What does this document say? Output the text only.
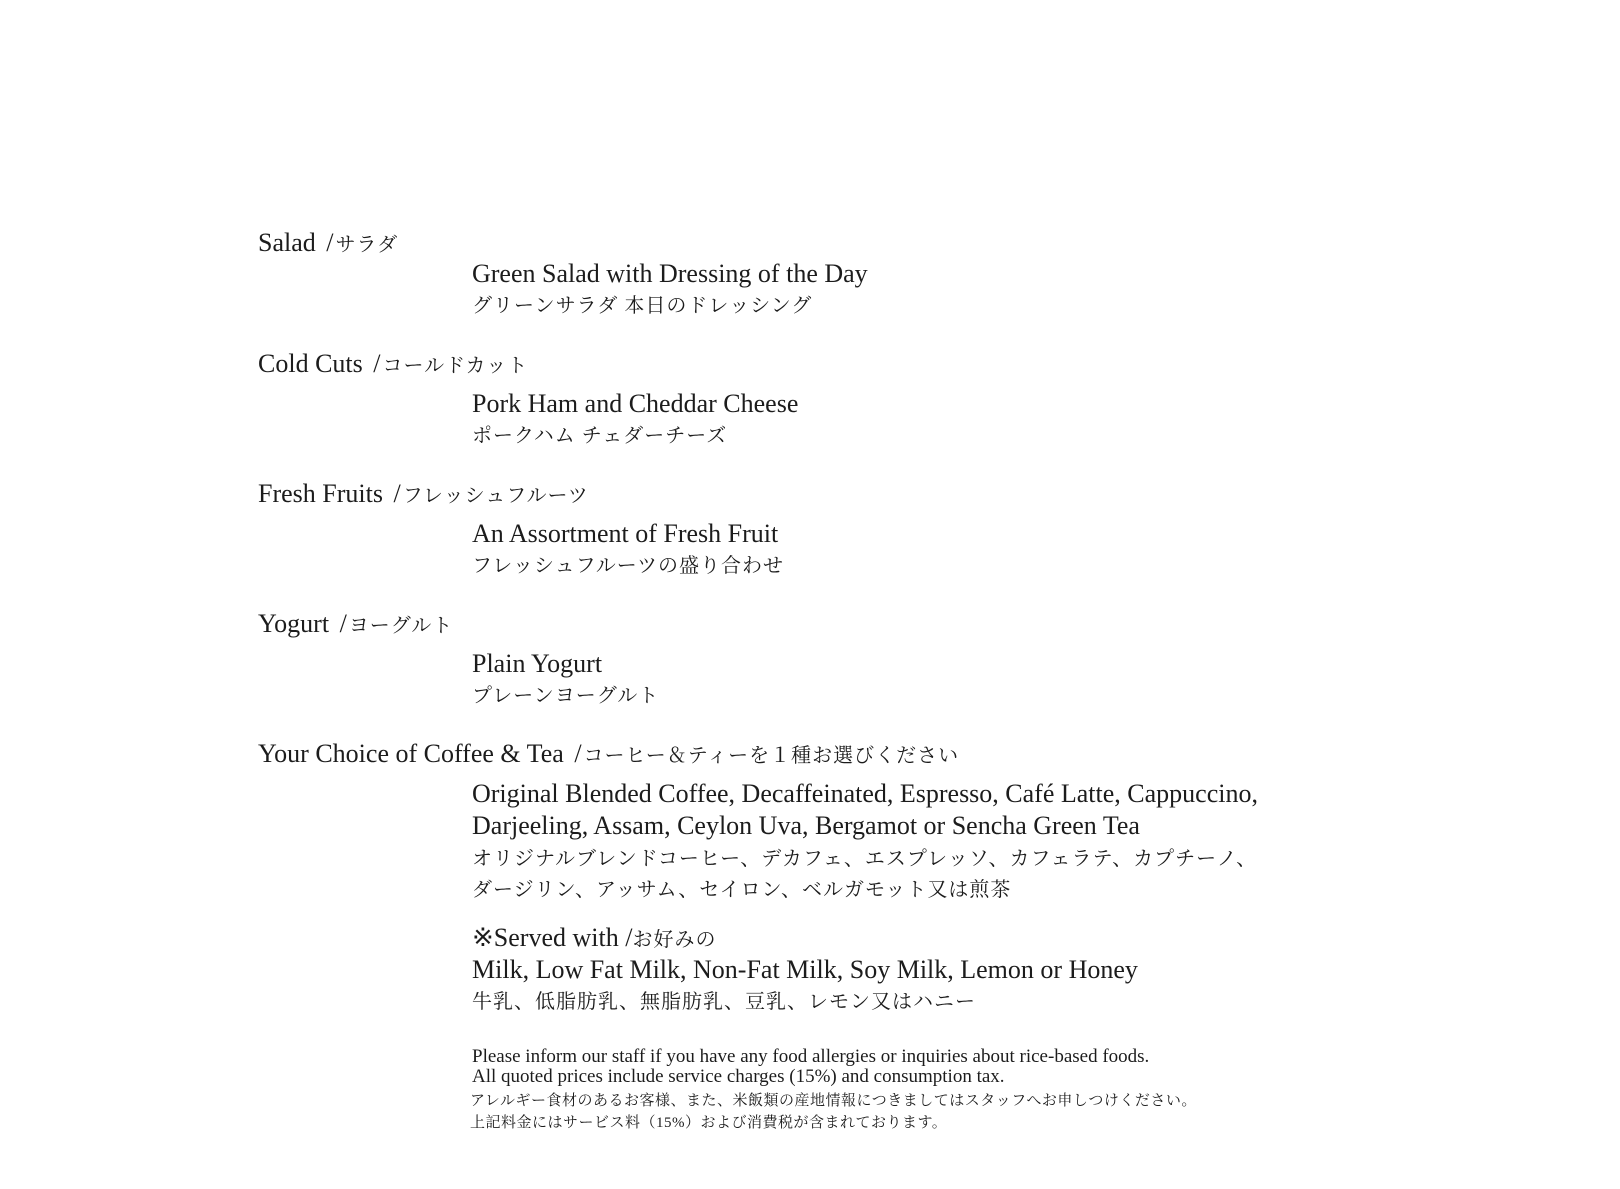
Salad / サラダ
Green Salad with Dressing of the Day
グリーンサラダ 本日のドレッシング
Cold Cuts / コールドカット
Pork Ham and Cheddar Cheese
ポークハム チェダーチーズ
Fresh Fruits / フレッシュフルーツ
An Assortment of Fresh Fruit
フレッシュフルーツの盛り合わせ
Yogurt / ヨーグルト
Plain Yogurt
プレーンヨーグルト
Your Choice of Coffee & Tea / コーヒー＆ティーを１種お選びください
Original Blended Coffee, Decaffeinated, Espresso, Café Latte, Cappuccino,
Darjeeling, Assam, Ceylon Uva, Bergamot or Sencha Green Tea
オリジナルブレンドコーヒー、デカフェ、エスプレッソ、カフェラテ、カプチーノ、
ダージリン、アッサム、セイロン、ベルガモット又は煎茶
※Served with /お好みの
Milk, Low Fat Milk, Non-Fat Milk, Soy Milk, Lemon or Honey
牛乳、低脂肪乳、無脂肪乳、豆乳、レモン又はハニー
Please inform our staff if you have any food allergies or inquiries about rice-based foods.
All quoted prices include service charges (15%) and consumption tax.
アレルギー食材のあるお客様、また、米飯類の産地情報につきましてはスタッフへお申しつけください。
上記料金にはサービス料（15%）および消費税が含まれております。
